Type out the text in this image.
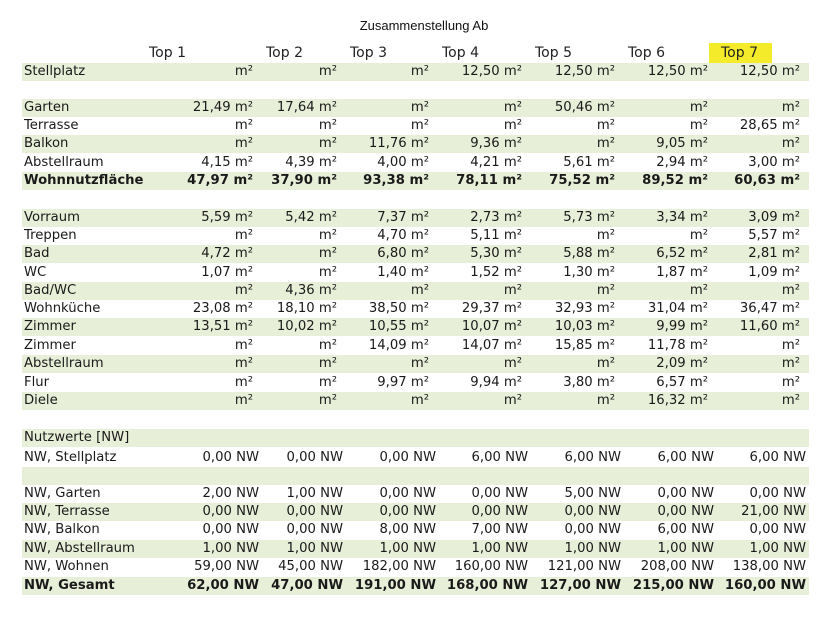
Zusammenstellung Ab
Top 1	Top 2	Top 3	Top 4	Top 5	Top 6	Top 7
Stellplatz	m²	m²	m²	12,50 m²	12,50 m²	12,50 m²	12,50 m²
Garten	21,49 m²	17,64 m²	m²	m²	50,46 m²	m²	m²
Terrasse	m²	m²	m²	m²	m²	m²	28,65 m²
Balkon	m²	m²	11,76 m²	9,36 m²	m²	9,05 m²	m²
Abstellraum	4,15 m²	4,39 m²	4,00 m²	4,21 m²	5,61 m²	2,94 m²	3,00 m²
Wohnnutzfläche	47,97 m²	37,90 m²	93,38 m²	78,11 m²	75,52 m²	89,52 m²	60,63 m²
Vorraum	5,59 m²	5,42 m²	7,37 m²	2,73 m²	5,73 m²	3,34 m²	3,09 m²
Treppen	m²	m²	4,70 m²	5,11 m²	m²	m²	5,57 m²
Bad	4,72 m²	m²	6,80 m²	5,30 m²	5,88 m²	6,52 m²	2,81 m²
WC	1,07 m²	m²	1,40 m²	1,52 m²	1,30 m²	1,87 m²	1,09 m²
Bad/WC	m²	4,36 m²	m²	m²	m²	m²	m²
Wohnküche	23,08 m²	18,10 m²	38,50 m²	29,37 m²	32,93 m²	31,04 m²	36,47 m²
Zimmer	13,51 m²	10,02 m²	10,55 m²	10,07 m²	10,03 m²	9,99 m²	11,60 m²
Zimmer	m²	m²	14,09 m²	14,07 m²	15,85 m²	11,78 m²	m²
Abstellraum	m²	m²	m²	m²	m²	2,09 m²	m²
Flur	m²	m²	9,97 m²	9,94 m²	3,80 m²	6,57 m²	m²
Diele	m²	m²	m²	m²	m²	16,32 m²	m²
Nutzwerte [NW]
NW, Stellplatz	0,00 NW	0,00 NW	0,00 NW	6,00 NW	6,00 NW	6,00 NW	6,00 NW
NW, Garten	2,00 NW	1,00 NW	0,00 NW	0,00 NW	5,00 NW	0,00 NW	0,00 NW
NW, Terrasse	0,00 NW	0,00 NW	0,00 NW	0,00 NW	0,00 NW	0,00 NW	21,00 NW
NW, Balkon	0,00 NW	0,00 NW	8,00 NW	7,00 NW	0,00 NW	6,00 NW	0,00 NW
NW, Abstellraum	1,00 NW	1,00 NW	1,00 NW	1,00 NW	1,00 NW	1,00 NW	1,00 NW
NW, Wohnen	59,00 NW	45,00 NW	182,00 NW	160,00 NW	121,00 NW	208,00 NW	138,00 NW
NW, Gesamt	62,00 NW 47,00 NW 191,00 NW 168,00 NW 127,00 NW 215,00 NW 160,00 NW
